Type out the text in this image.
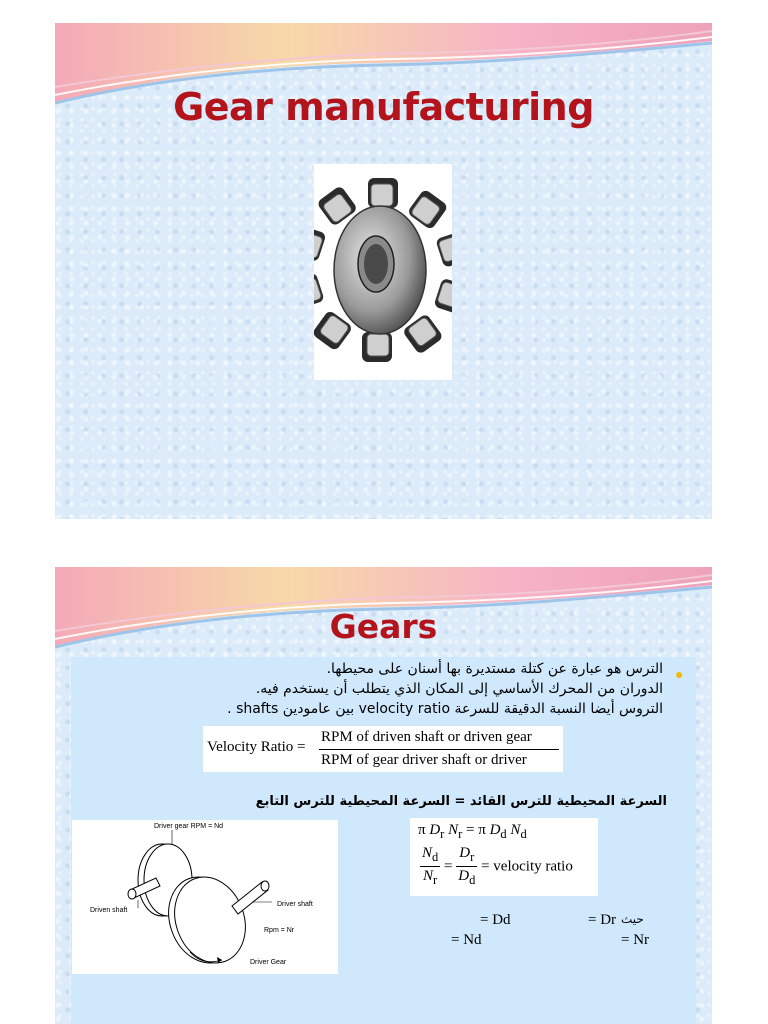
Gear manufacturing
Gears
●
الترس هو عبارة عن كتلة مستديرة بها أسنان على محيطها.
الدوران من المحرك الأساسي إلى المكان الذي يتطلب أن يستخدم فيه.
التروس أيضا النسبة الدقيقة للسرعة velocity ratio بين عامودين shafts .
Velocity Ratio =
RPM of driven shaft or driven gear
RPM of gear driver shaft or driver
السرعة المحيطية للترس القائد = السرعة المحيطية للترس التابع
Driver gear RPM = Nd
Driven shaft
Driver shaft
Rpm = Nr
Driver Gear
π $D_r$ $N_r = \pi$ $D_d$ $N_d$
$\frac{N_d}{N_r} = \frac{D_r}{D_d}$ = velocity ratio
حيث
= Dr
= Dd
= Nr
= Nd
